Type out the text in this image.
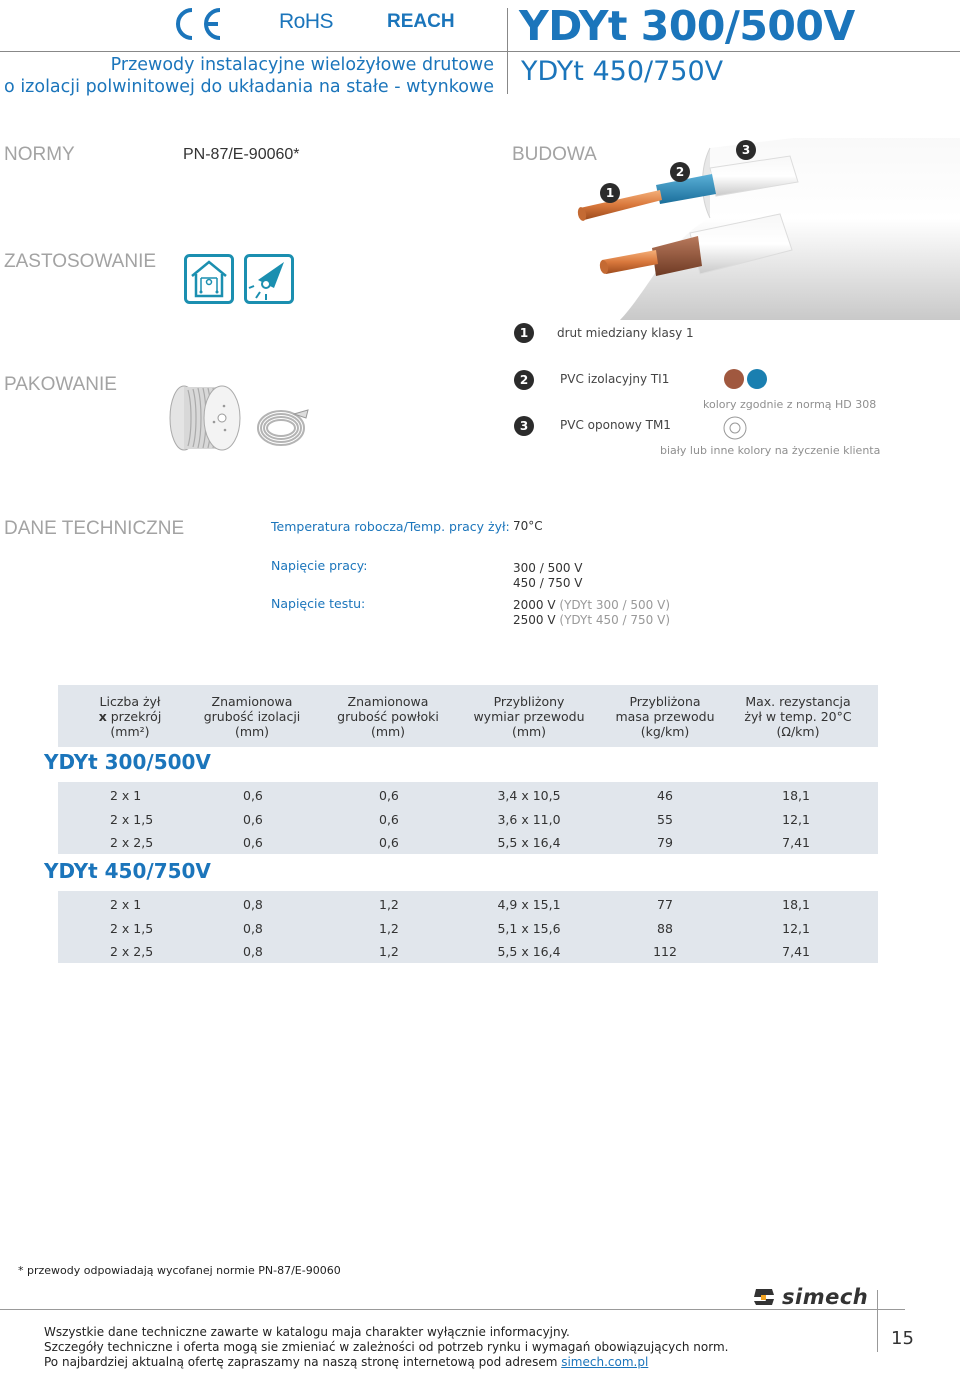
RoHS	REACH YDYt 300/500V
YDYt 450/750V
Przewody instalacyjne wielożyłowe drutowe
o izolacji polwinitowej do układania na stałe - wtynkowe
NORMY	PN-87/E-90060*	BUDOWA
1
2
3
ZASTOSOWANIE
1	drut miedziany klasy 1
2	PVC izolacyjny TI1
3	PVC oponowy TM1
kolory zgodnie z normą HD 308
biały lub inne kolory na życzenie klienta
PAKOWANIE
DANE TECHNICZNE	Temperatura robocza/Temp. pracy żył: 70°C
Napięcie pracy:	300 / 500 V
450 / 750 V
Napięcie testu:	2000 V (YDYt 300 / 500 V)
2500 V (YDYt 450 / 750 V)
Liczba żył
x przekrój
(mm²)
Znamionowa
grubość izolacji
(mm)
Znamionowa
grubość powłoki
(mm)
Przybliżony
wymiar przewodu
(mm)
Przybliżona
masa przewodu
(kg/km)
Max. rezystancja
żył w temp. 20°C
(Ω/km)
YDYt 300/500V
2 x 1	0,6	0,6	3,4 x 10,5	46	18,1
2 x 1,5	0,6	0,6	3,6 x 11,0	55	12,1
2 x 2,5	0,6	0,6	5,5 x 16,4	79	7,41
YDYt 450/750V
2 x 1	0,8	1,2	4,9 x 15,1	77	18,1
2 x 1,5	0,8	1,2	5,1 x 15,6	88	12,1
2 x 2,5	0,8	1,2	5,5 x 16,4	112	7,41
* przewody odpowiadają wycofanej normie PN-87/E-90060
simech
Wszystkie dane techniczne zawarte w katalogu maja charakter wyłącznie informacyjny.
Szczegóły techniczne i oferta mogą sie zmieniać w zależności od potrzeb rynku i wymagań obowiązujących norm.
Po najbardziej aktualną ofertę zapraszamy na naszą stronę internetową pod adresem simech.com.pl
15
